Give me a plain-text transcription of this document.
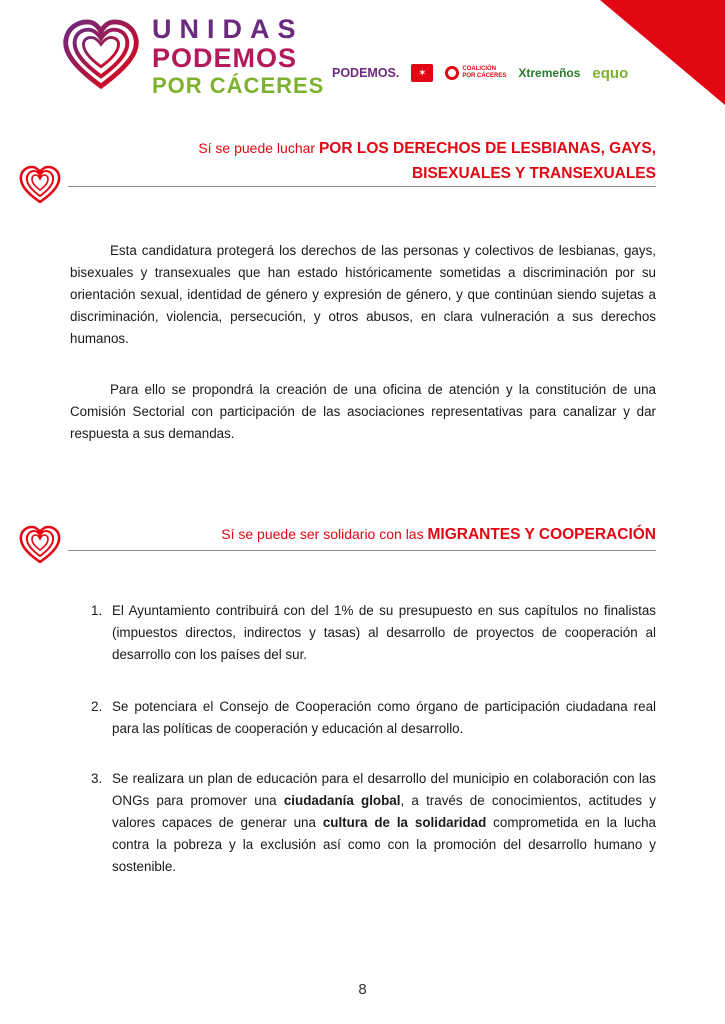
UNIDAS
PODEMOS
POR CÁCERES PODEMOS.	✶	COALICIÓN
POR CÁCERES Xtremeños equo
Sí se puede luchar POR LOS DERECHOS DE LESBIANAS, GAYS,
BISEXUALES Y TRANSEXUALES

Esta candidatura protegerá los derechos de las personas y colectivos de lesbianas, gays, bisexuales y transexuales que han estado históricamente sometidas a discriminación por su orientación sexual, identidad de género y expresión de género, y que continúan siendo sujetas a discriminación, violencia, persecución, y otros abusos, en clara vulneración a sus derechos humanos.

Para ello se propondrá la creación de una oficina de atención y la constitución de una Comisión Sectorial con participación de las asociaciones representativas para canalizar y dar respuesta a sus demandas.

Sí se puede ser solidario con las MIGRANTES Y COOPERACIÓN
1. El Ayuntamiento contribuirá con del 1% de su presupuesto en sus capítulos no finalistas (impuestos directos, indirectos y tasas) al desarrollo de proyectos de cooperación al desarrollo con los países del sur.
2. Se potenciara el Consejo de Cooperación como órgano de participación ciudadana real para las políticas de cooperación y educación al desarrollo.
3. Se realizara un plan de educación para el desarrollo del municipio en colaboración con las ONGs para promover una ciudadanía global, a través de conocimientos, actitudes y valores capaces de generar una cultura de la solidaridad comprometida en la lucha contra la pobreza y la exclusión así como con la promoción del desarrollo humano y sostenible.
8
